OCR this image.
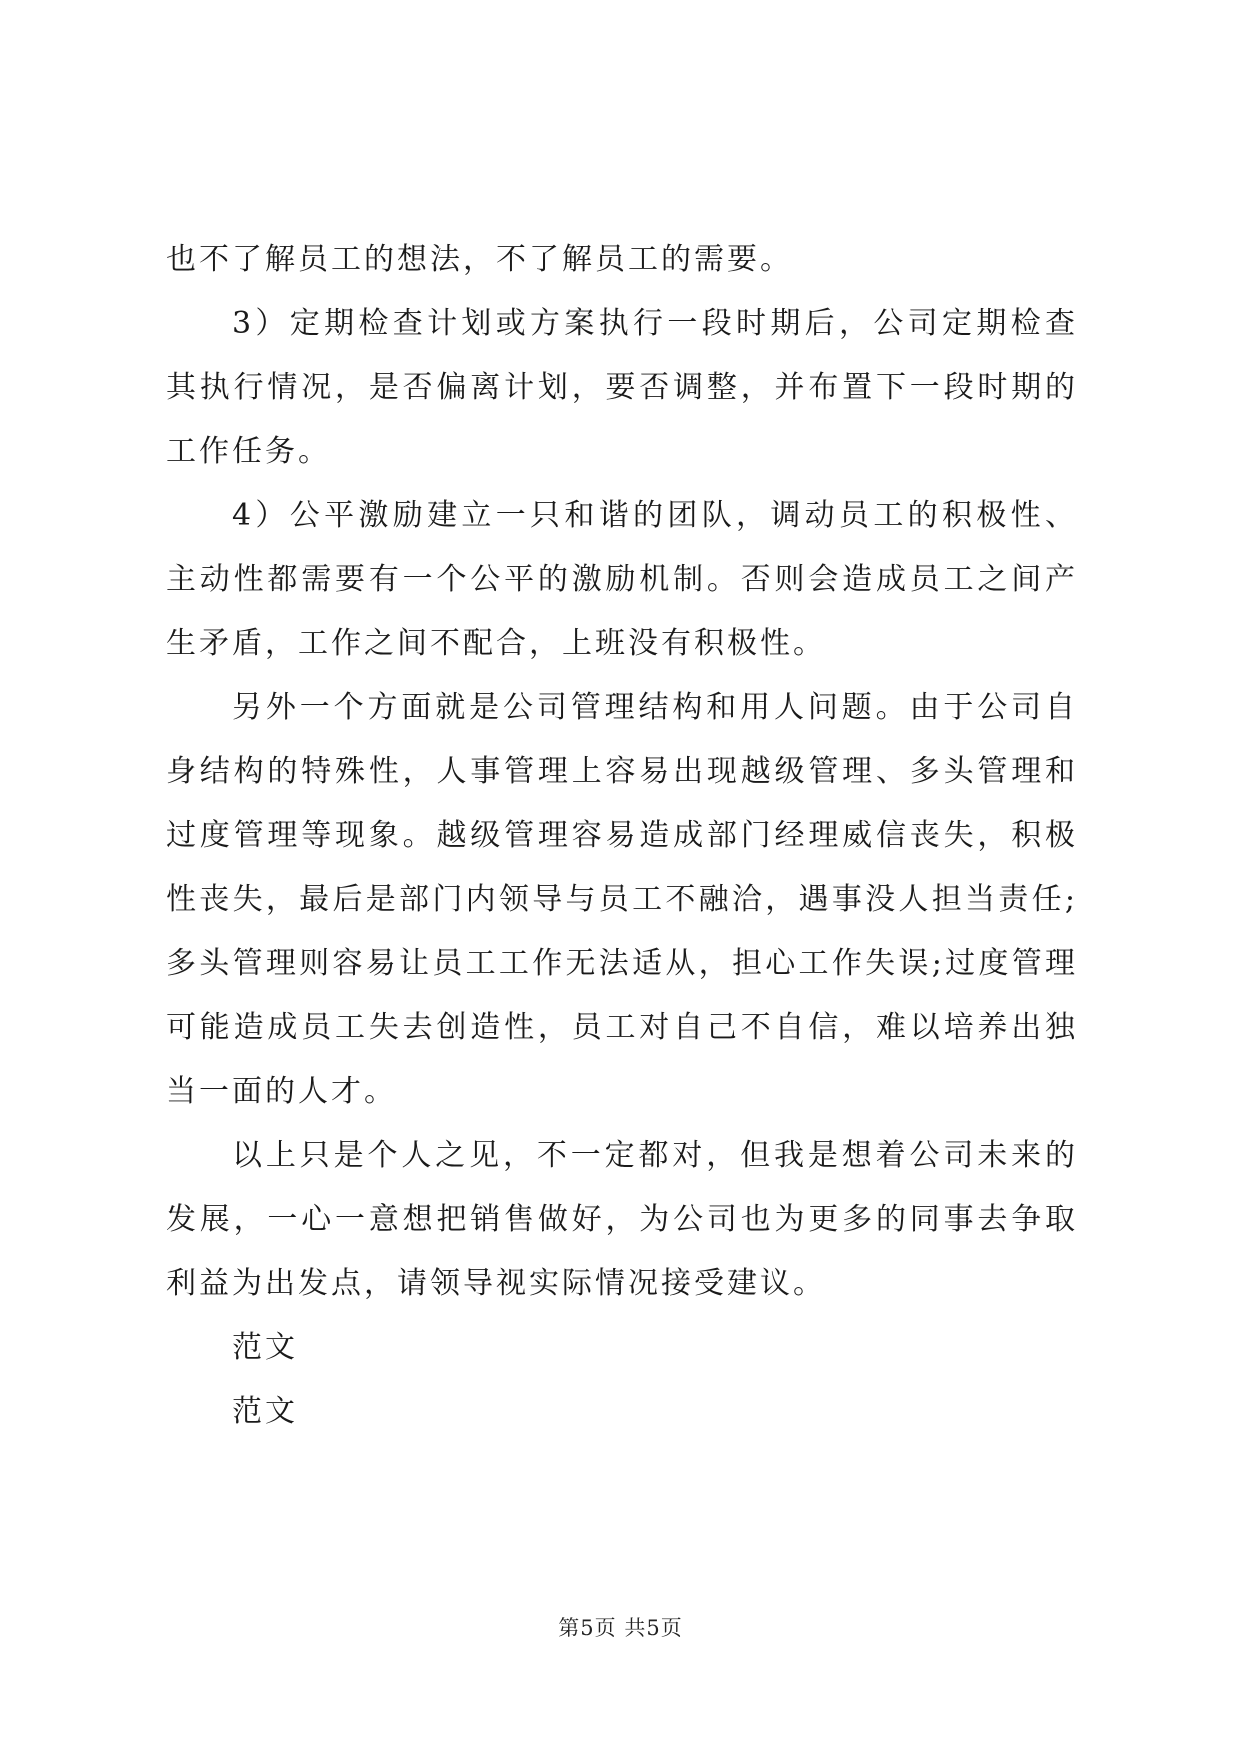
也不了解员工的想法，不了解员工的需要。

3）定期检查计划或方案执行一段时期后，公司定期检查其执行情况，是否偏离计划，要否调整，并布置下一段时期的工作任务。

4）公平激励建立一只和谐的团队，调动员工的积极性、主动性都需要有一个公平的激励机制。否则会造成员工之间产生矛盾，工作之间不配合，上班没有积极性。

另外一个方面就是公司管理结构和用人问题。由于公司自身结构的特殊性，人事管理上容易出现越级管理、多头管理和过度管理等现象。越级管理容易造成部门经理威信丧失，积极性丧失，最后是部门内领导与员工不融洽，遇事没人担当责任;多头管理则容易让员工工作无法适从，担心工作失误;过度管理可能造成员工失去创造性，员工对自己不自信，难以培养出独当一面的人才。

以上只是个人之见，不一定都对，但我是想着公司未来的发展，一心一意想把销售做好，为公司也为更多的同事去争取利益为出发点，请领导视实际情况接受建议。

范文

范文

第5页 共5页
